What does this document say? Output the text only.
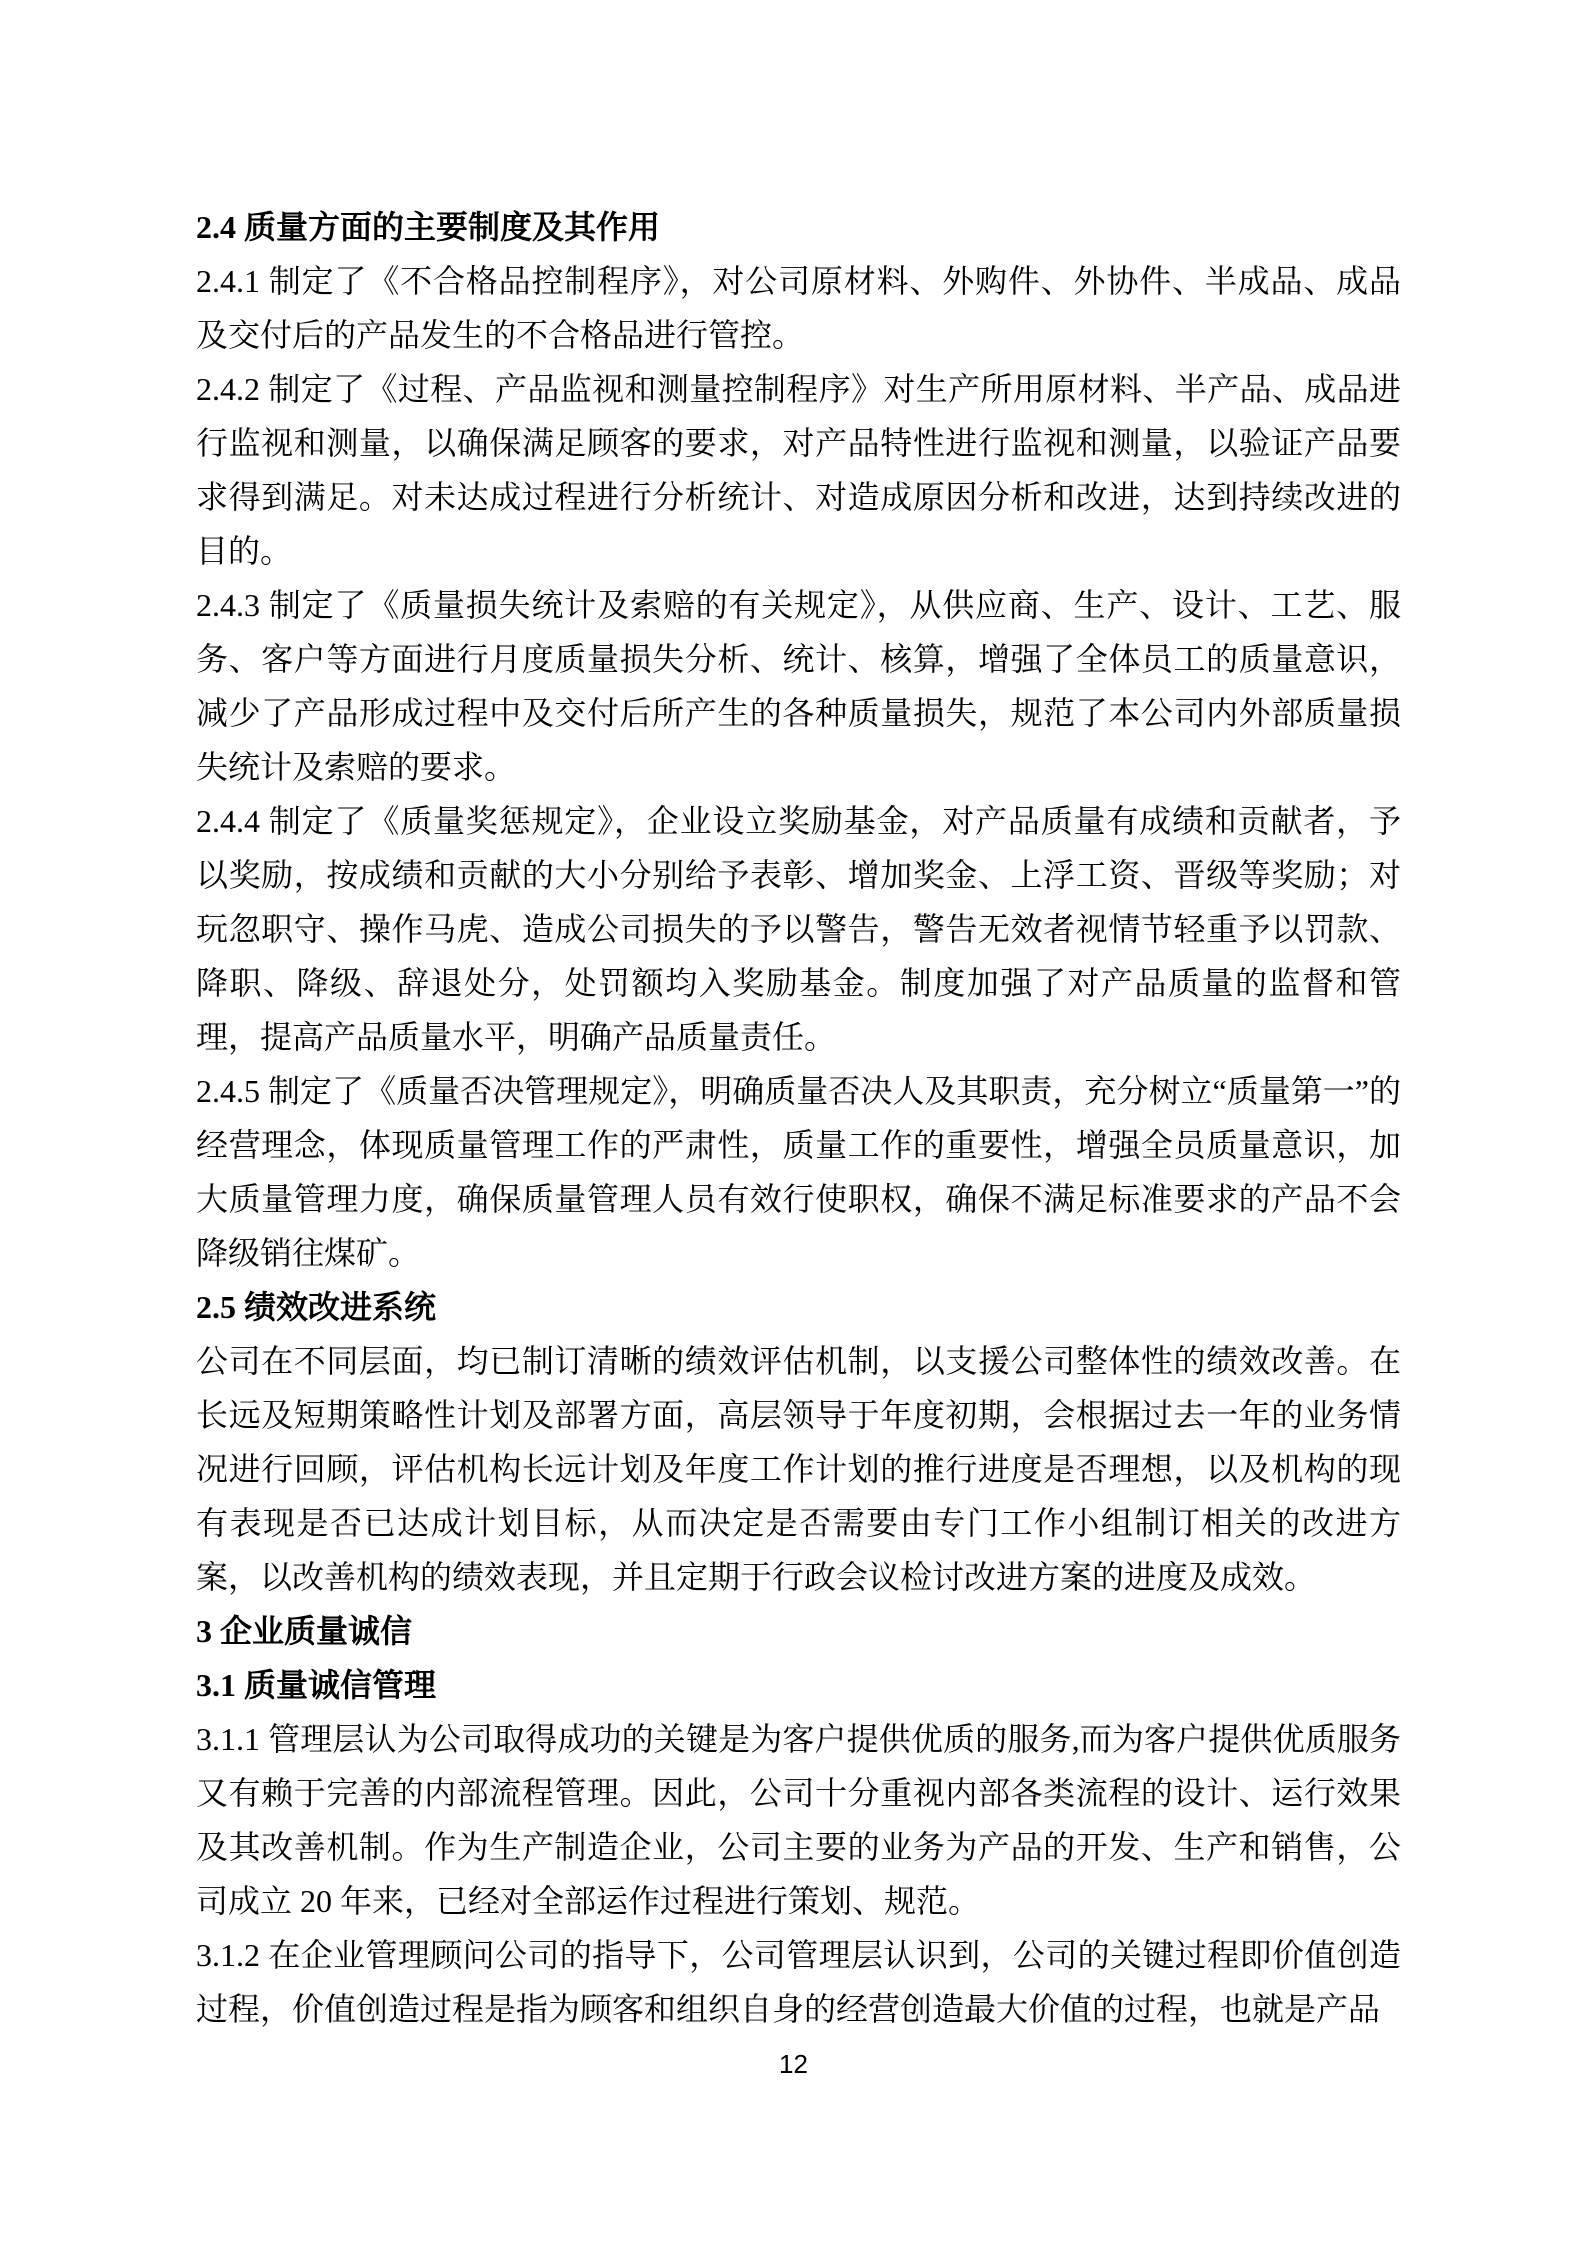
2.4 质量方面的主要制度及其作用

2.4.1 制定了《不合格品控制程序》，对公司原材料、外购件、外协件、半成品、成品及交付后的产品发生的不合格品进行管控。

2.4.2 制定了《过程、产品监视和测量控制程序》对生产所用原材料、半产品、成品进行监视和测量，以确保满足顾客的要求，对产品特性进行监视和测量，以验证产品要求得到满足。对未达成过程进行分析统计、对造成原因分析和改进，达到持续改进的目的。

2.4.3 制定了《质量损失统计及索赔的有关规定》，从供应商、生产、设计、工艺、服务、客户等方面进行月度质量损失分析、统计、核算，增强了全体员工的质量意识，减少了产品形成过程中及交付后所产生的各种质量损失，规范了本公司内外部质量损失统计及索赔的要求。

2.4.4 制定了《质量奖惩规定》，企业设立奖励基金，对产品质量有成绩和贡献者，予以奖励，按成绩和贡献的大小分别给予表彰、增加奖金、上浮工资、晋级等奖励；对玩忽职守、操作马虎、造成公司损失的予以警告，警告无效者视情节轻重予以罚款、降职、降级、辞退处分，处罚额均入奖励基金。制度加强了对产品质量的监督和管理，提高产品质量水平，明确产品质量责任。

2.4.5 制定了《质量否决管理规定》，明确质量否决人及其职责，充分树立“质量第一”的经营理念，体现质量管理工作的严肃性，质量工作的重要性，增强全员质量意识，加大质量管理力度，确保质量管理人员有效行使职权，确保不满足标准要求的产品不会降级销往煤矿。

2.5 绩效改进系统

公司在不同层面，均已制订清晰的绩效评估机制，以支援公司整体性的绩效改善。在长远及短期策略性计划及部署方面，高层领导于年度初期，会根据过去一年的业务情况进行回顾，评估机构长远计划及年度工作计划的推行进度是否理想，以及机构的现有表现是否已达成计划目标，从而决定是否需要由专门工作小组制订相关的改进方案，以改善机构的绩效表现，并且定期于行政会议检讨改进方案的进度及成效。

3 企业质量诚信

3.1 质量诚信管理

3.1.1 管理层认为公司取得成功的关键是为客户提供优质的服务,而为客户提供优质服务又有赖于完善的内部流程管理。因此，公司十分重视内部各类流程的设计、运行效果及其改善机制。作为生产制造企业，公司主要的业务为产品的开发、生产和销售，公司成立 20 年来，已经对全部运作过程进行策划、规范。

3.1.2 在企业管理顾问公司的指导下，公司管理层认识到，公司的关键过程即价值创造过程，价值创造过程是指为顾客和组织自身的经营创造最大价值的过程，也就是产品

12
